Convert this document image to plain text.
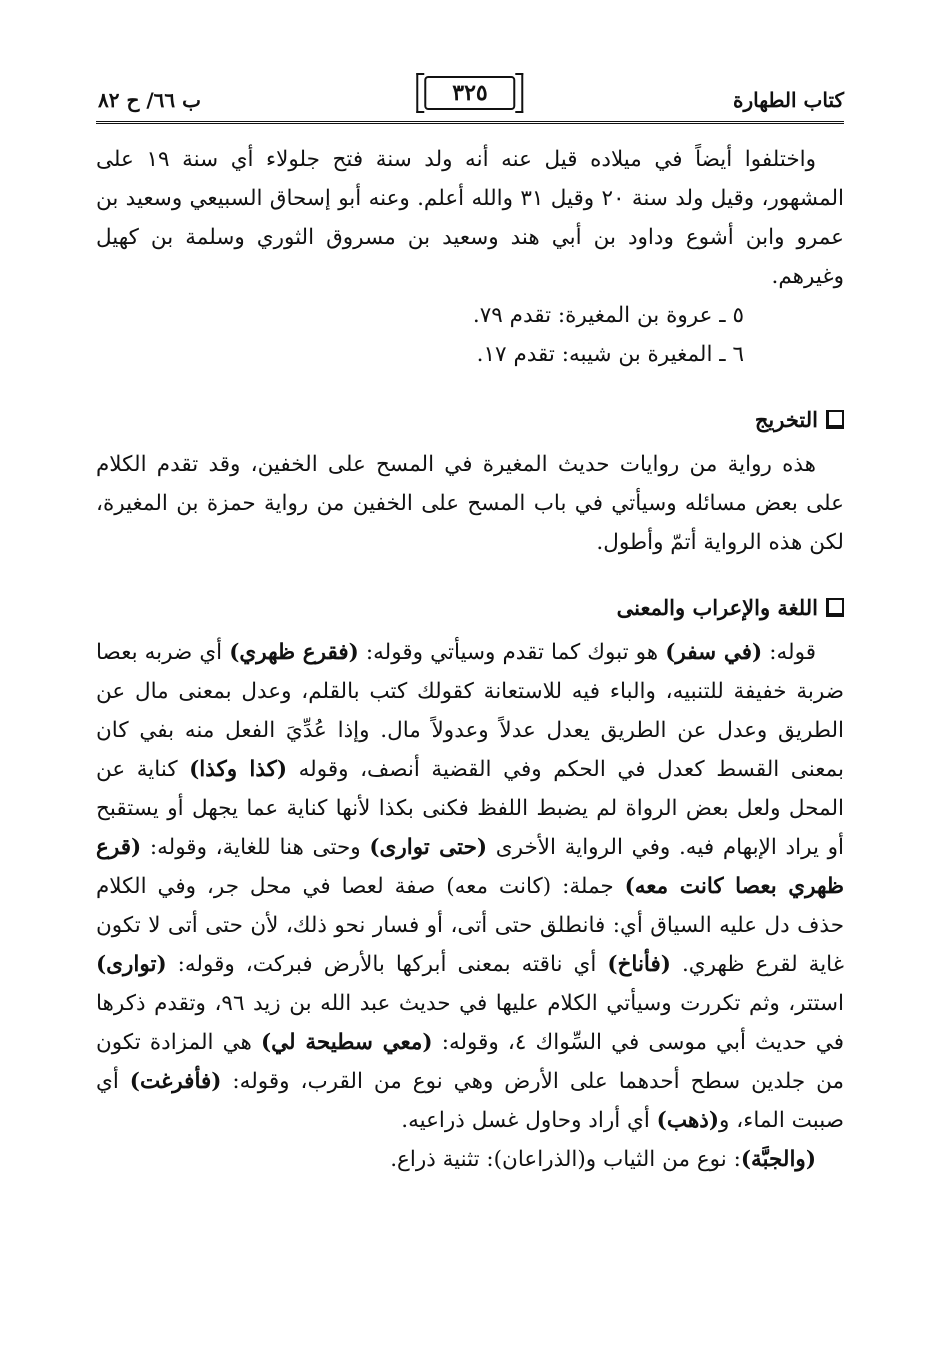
كتاب الطهارة
٣٢٥
ب ٦٦/ ح ٨٢

واختلفوا أيضاً في ميلاده قيل عنه أنه ولد سنة فتح جلولاء أي سنة ١٩ على المشهور، وقيل ولد سنة ٢٠ وقيل ٣١ والله أعلم. وعنه أبو إسحاق السبيعي وسعيد بن عمرو وابن أشوع وداود بن أبي هند وسعيد بن مسروق الثوري وسلمة بن كهيل وغيرهم.

٥ ـ عروة بن المغيرة: تقدم ٧٩.

٦ ـ المغيرة بن شيبه: تقدم ١٧.

التخريج

هذه رواية من روايات حديث المغيرة في المسح على الخفين، وقد تقدم الكلام على بعض مسائله وسيأتي في باب المسح على الخفين من رواية حمزة بن المغيرة، لكن هذه الرواية أتمّ وأطول.

اللغة والإعراب والمعنى

قوله: (في سفر) هو تبوك كما تقدم وسيأتي وقوله: (فقرع ظهري) أي ضربه بعصا ضربة خفيفة للتنبيه، والباء فيه للاستعانة كقولك كتب بالقلم، وعدل بمعنى مال عن الطريق وعدل عن الطريق يعدل عدلاً وعدولاً مال. وإذا عُدِّيَ الفعل منه بفي كان بمعنى القسط كعدل في الحكم وفي القضية أنصف، وقوله (كذا وكذا) كناية عن المحل ولعل بعض الرواة لم يضبط اللفظ فكنى بكذا لأنها كناية عما يجهل أو يستقبح أو يراد الإبهام فيه. وفي الرواية الأخرى (حتى توارى) وحتى هنا للغاية، وقوله: (قرع ظهري بعصا كانت معه) جملة: (كانت معه) صفة لعصا في محل جر، وفي الكلام حذف دل عليه السياق أي: فانطلق حتى أتى، أو فسار نحو ذلك، لأن حتى أتى لا تكون غاية لقرع ظهري. (فأناخ) أي ناقته بمعنى أبركها بالأرض فبركت، وقوله: (توارى) استتر، وثم تكررت وسيأتي الكلام عليها في حديث عبد الله بن زيد ٩٦، وتقدم ذكرها في حديث أبي موسى في السِّواك ٤، وقوله: (معي سطيحة لي) هي المزادة تكون من جلدين سطح أحدهما على الأرض وهي نوع من القرب، وقوله: (فأفرغت) أي صببت الماء، و(ذهب) أي أراد وحاول غسل ذراعيه.

(والجبَّة): نوع من الثياب و(الذراعان): تثنية ذراع.
